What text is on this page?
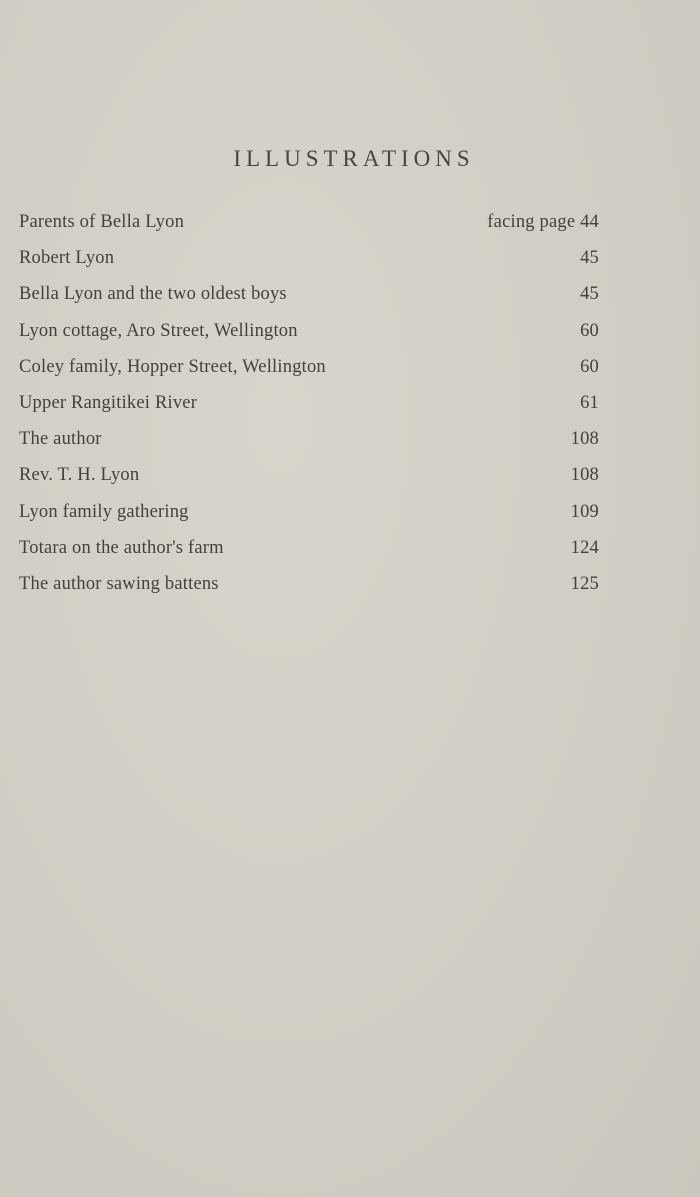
ILLUSTRATIONS
Parents of Bella Lyon	facing page 44
Robert Lyon	45
Bella Lyon and the two oldest boys	45
Lyon cottage, Aro Street, Wellington	60
Coley family, Hopper Street, Wellington	60
Upper Rangitikei River	61
The author	108
Rev. T. H. Lyon	108
Lyon family gathering	109
Totara on the author's farm	124
The author sawing battens	125
